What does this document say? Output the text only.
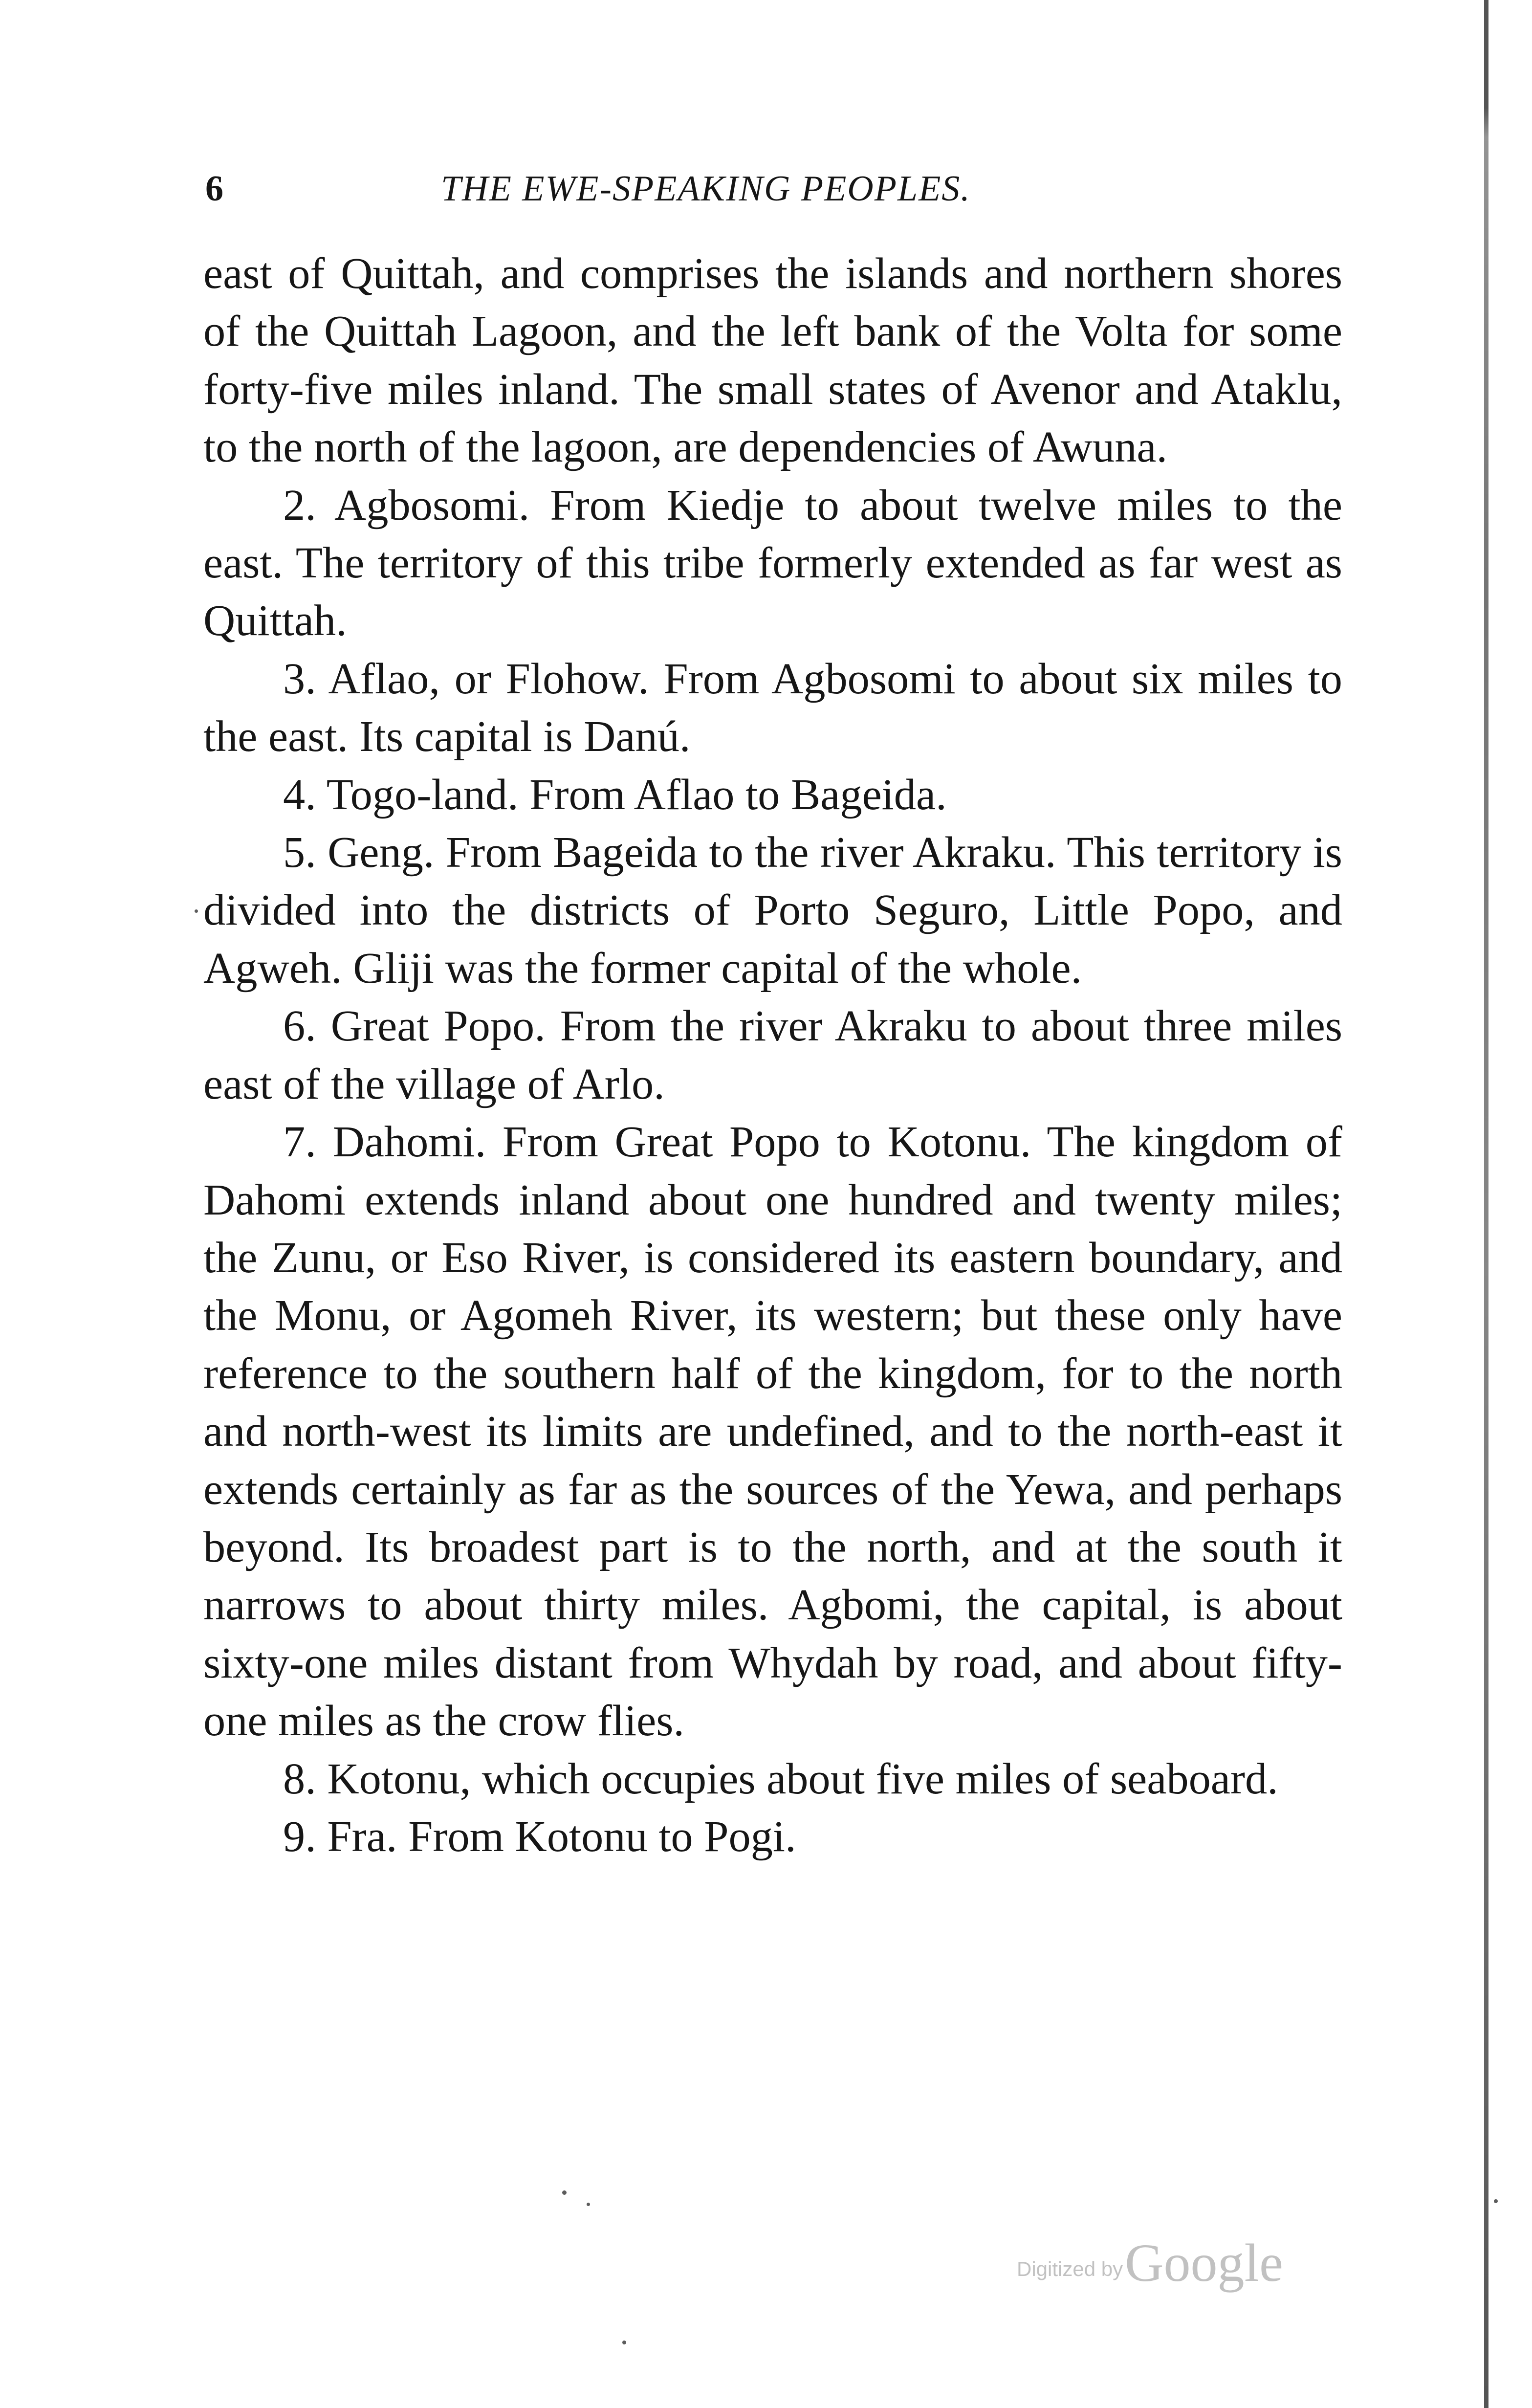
6	THE EWE-SPEAKING PEOPLES.

east of Quittah, and comprises the islands and northern shores of the Quittah Lagoon, and the left bank of the Volta for some forty-five miles inland. The small states of Avenor and Ataklu, to the north of the lagoon, are dependencies of Awuna.

2. Agbosomi. From Kiedje to about twelve miles to the east. The territory of this tribe formerly extended as far west as Quittah.

3. Aflao, or Flohow. From Agbosomi to about six miles to the east. Its capital is Danú.

4. Togo-land. From Aflao to Bageida.

5. Geng. From Bageida to the river Akraku. This territory is divided into the districts of Porto Seguro, Little Popo, and Agweh. Gliji was the former capital of the whole.

6. Great Popo. From the river Akraku to about three miles east of the village of Arlo.

7. Dahomi. From Great Popo to Kotonu. The kingdom of Dahomi extends inland about one hundred and twenty miles; the Zunu, or Eso River, is considered its eastern boundary, and the Monu, or Agomeh River, its western; but these only have reference to the southern half of the kingdom, for to the north and north-west its limits are undefined, and to the north-east it extends certainly as far as the sources of the Yewa, and perhaps beyond. Its broadest part is to the north, and at the south it narrows to about thirty miles. Agbomi, the capital, is about sixty-one miles distant from Whydah by road, and about fifty-one miles as the crow flies.

8. Kotonu, which occupies about five miles of seaboard.

9. Fra. From Kotonu to Pogi.

Digitized by Google
